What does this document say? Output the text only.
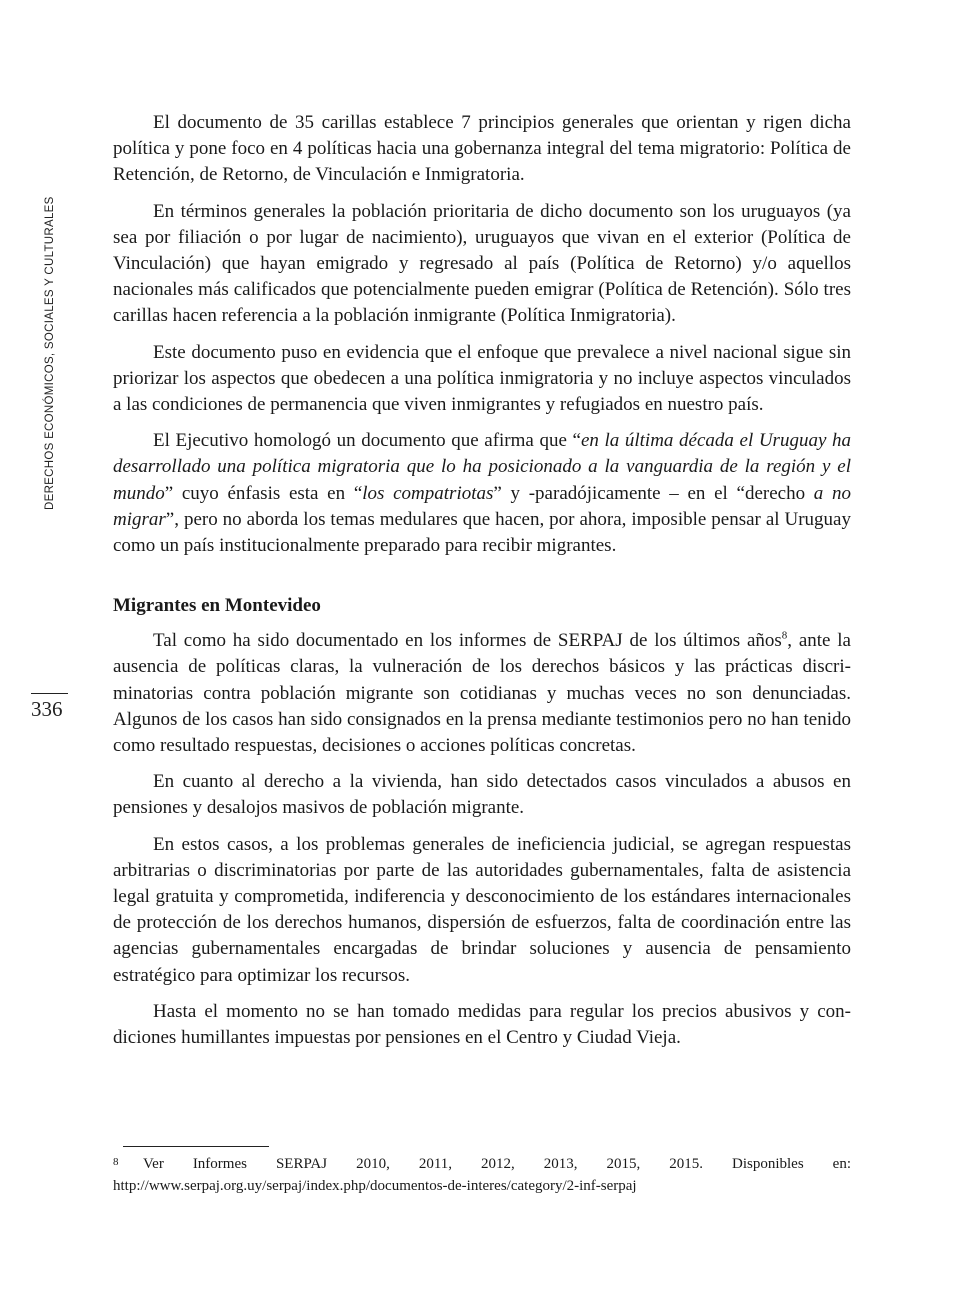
DERECHOS ECONÓMICOS, SOCIALES Y CULTURALES
336

El documento de 35 carillas establece 7 principios generales que orientan y rigen dicha política y pone foco en 4 políticas hacia una gobernanza integral del tema migratorio: Política de Retención, de Retorno, de Vinculación e Inmigratoria.

En términos generales la población prioritaria de dicho documento son los uruguayos (ya sea por filiación o por lugar de nacimiento), uruguayos que vivan en el exterior (Política de Vinculación) que hayan emigrado y regresado al país (Política de Retorno) y/o aquellos nacionales más calificados que potencialmente pueden emigrar (Política de Retención). Sólo tres carillas hacen referencia a la población inmigrante (Política Inmigratoria).

Este documento puso en evidencia que el enfoque que prevalece a nivel nacional sigue sin priorizar los aspectos que obedecen a una política inmigratoria y no incluye aspectos vinculados a las condiciones de permanencia que viven inmigrantes y refugiados en nuestro país.

El Ejecutivo homologó un documento que afirma que “en la última década el Uruguay ha desarrollado una política migratoria que lo ha posicionado a la vanguardia de la región y el mundo” cuyo énfasis esta en “los compatriotas” y -paradójicamente – en el “derecho a no migrar”, pero no aborda los temas medulares que hacen, por ahora, imposible pensar al Uruguay como un país institucionalmente preparado para recibir migrantes.

Migrantes en Montevideo

Tal como ha sido documentado en los informes de SERPAJ de los últimos años$^8$, ante la ausencia de políticas claras, la vulneración de los derechos básicos y las prácticas discriminatorias contra población migrante son cotidianas y muchas veces no son denunciadas. Algunos de los casos han sido consignados en la prensa mediante testimonios pero no han tenido como resultado respuestas, decisiones o acciones políticas concretas.

En cuanto al derecho a la vivienda, han sido detectados casos vinculados a abusos en pensiones y desalojos masivos de población migrante.

En estos casos, a los problemas generales de ineficiencia judicial, se agregan respuestas arbitrarias o discriminatorias por parte de las autoridades gubernamentales, falta de asistencia legal gratuita y comprometida, indiferencia y desconocimiento de los estándares internacionales de protección de los derechos humanos, dispersión de esfuerzos, falta de coordinación entre las agencias gubernamentales encargadas de brindar soluciones y ausencia de pensamiento estratégico para optimizar los recursos.

Hasta el momento no se han tomado medidas para regular los precios abusivos y condiciones humillantes impuestas por pensiones en el Centro y Ciudad Vieja.

8 Ver Informes SERPAJ 2010, 2011, 2012, 2013, 2015, 2015. Disponibles en: http://www.serpaj.org.uy/serpaj/index.php/documentos-de-interes/category/2-inf-serpaj
